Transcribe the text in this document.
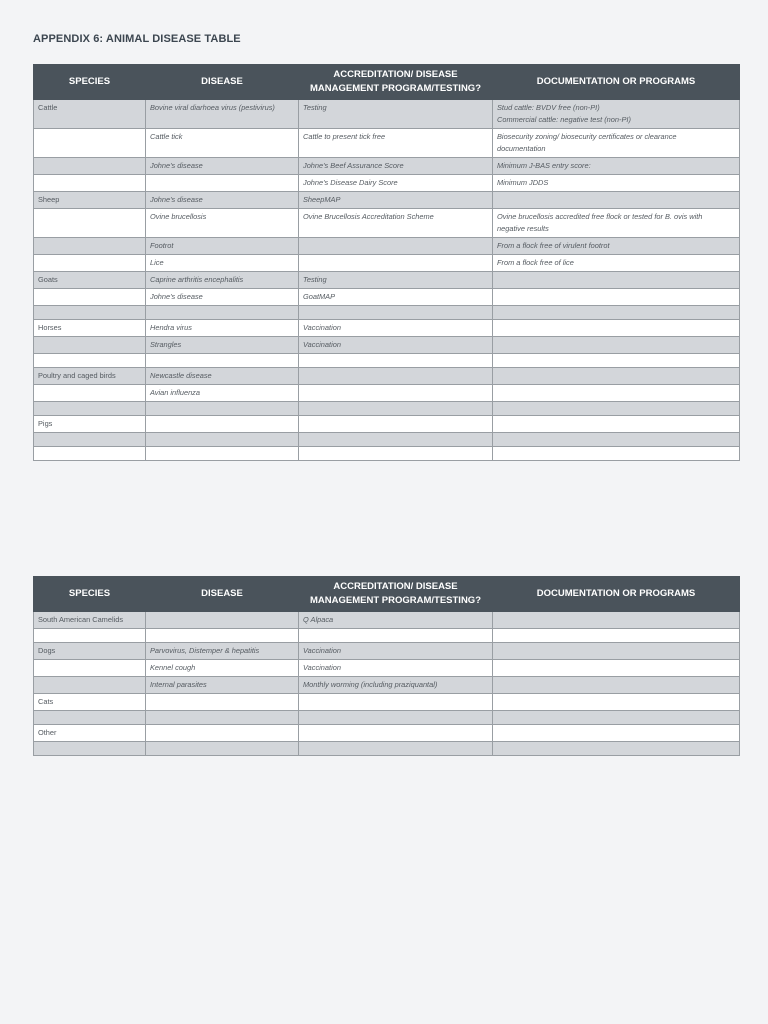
APPENDIX 6: ANIMAL DISEASE TABLE
SPECIES	DISEASE	ACCREDITATION/ DISEASE
MANAGEMENT PROGRAM/TESTING?	DOCUMENTATION OR PROGRAMS
Cattle	Bovine viral diarhoea virus (pestivirus)	Testing	Stud cattle: BVDV free (non-PI)
Commercial cattle: negative test (non-PI)

	Cattle tick	Cattle to present tick free	Biosecurity zoning/ biosecurity certificates or clearance
documentation

	Johne's disease	Johne's Beef Assurance Score	Minimum J-BAS entry score:

		Johne's Disease Dairy Score	Minimum JDDS

Sheep	Johne's disease	SheepMAP	

	Ovine brucellosis	Ovine Brucellosis Accreditation Scheme	Ovine brucellosis accredited free flock or tested for B. ovis with
negative results

	Footrot		From a flock free of virulent footrot

	Lice		From a flock free of lice

Goats	Caprine arthritis encephalitis	Testing	

	Johne's disease	GoatMAP	

Horses	Hendra virus	Vaccination	

	Strangles	Vaccination	

Poultry and caged birds	Newcastle disease		

	Avian influenza		

Pigs			

SPECIES	DISEASE	ACCREDITATION/ DISEASE
MANAGEMENT PROGRAM/TESTING?	DOCUMENTATION OR PROGRAMS
South American Camelids		Q Alpaca	

Dogs	Parvovirus, Distemper & hepatitis	Vaccination	

	Kennel cough	Vaccination	

	Internal parasites	Monthly worming (including praziquantal)	

Cats			

Other			
